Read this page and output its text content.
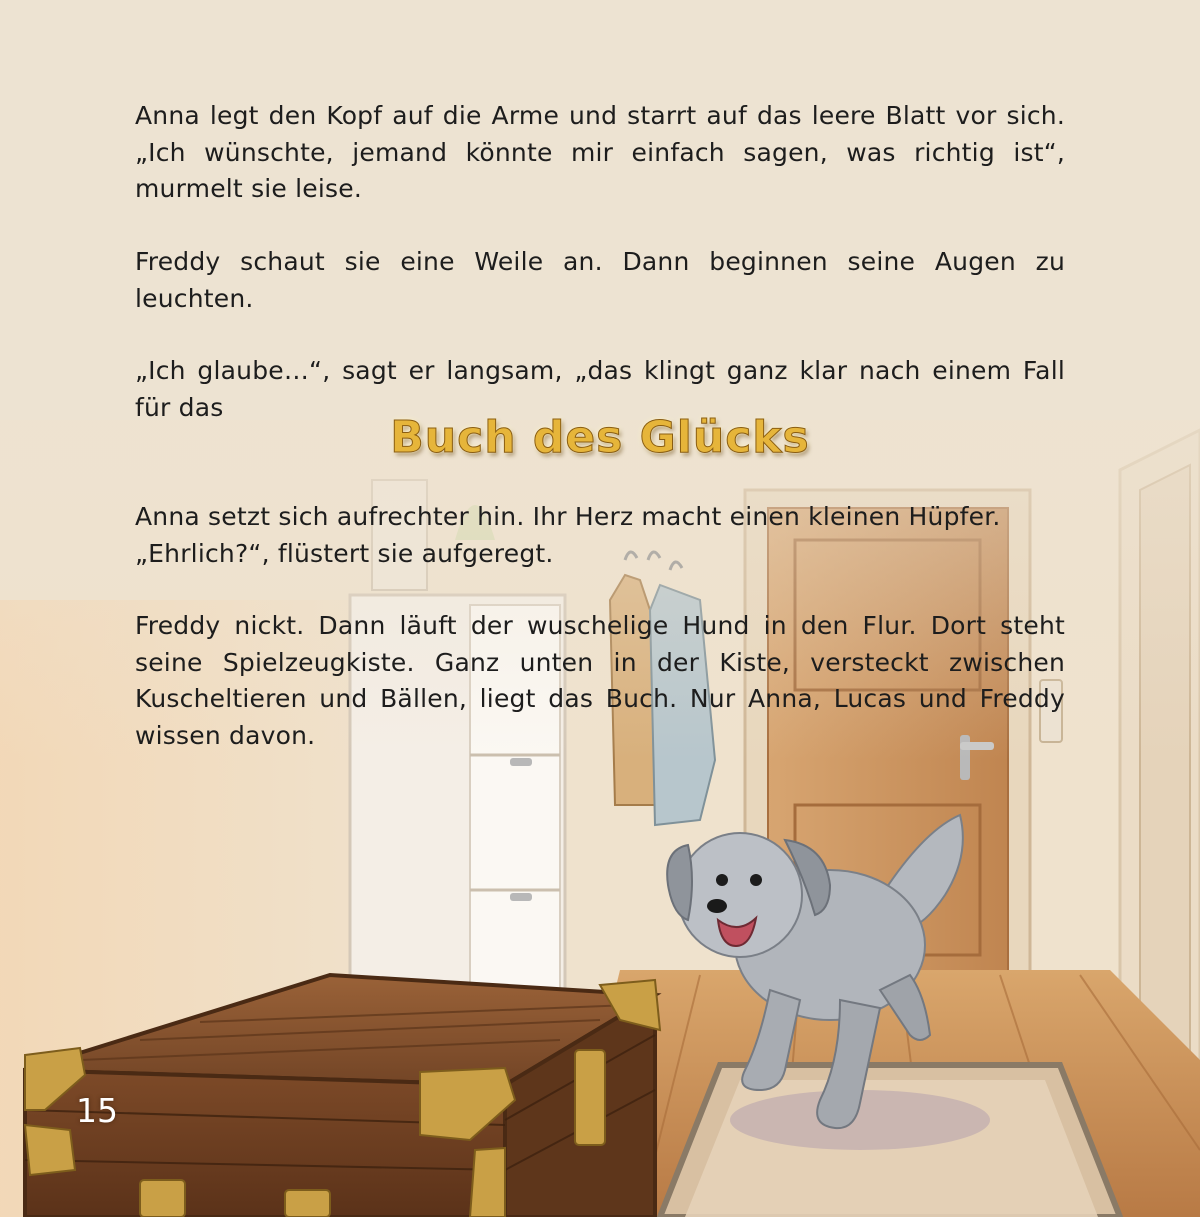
Anna legt den Kopf auf die Arme und starrt auf das leere Blatt vor sich. „Ich wünschte, jemand könnte mir einfach sagen, was richtig ist“, murmelt sie leise.

Freddy schaut sie eine Weile an. Dann beginnen seine Augen zu leuchten.

„Ich glaube…“, sagt er langsam, „das klingt ganz klar nach einem Fall für das

Buch des Glücks
Anna setzt sich aufrechter hin. Ihr Herz macht einen kleinen Hüpfer.
„Ehrlich?“, flüstert sie aufgeregt.

Freddy nickt. Dann läuft der wuschelige Hund in den Flur. Dort steht seine Spielzeugkiste. Ganz unten in der Kiste, versteckt zwischen Kuscheltieren und Bällen, liegt das Buch. Nur Anna, Lucas und Freddy wissen davon.

15
